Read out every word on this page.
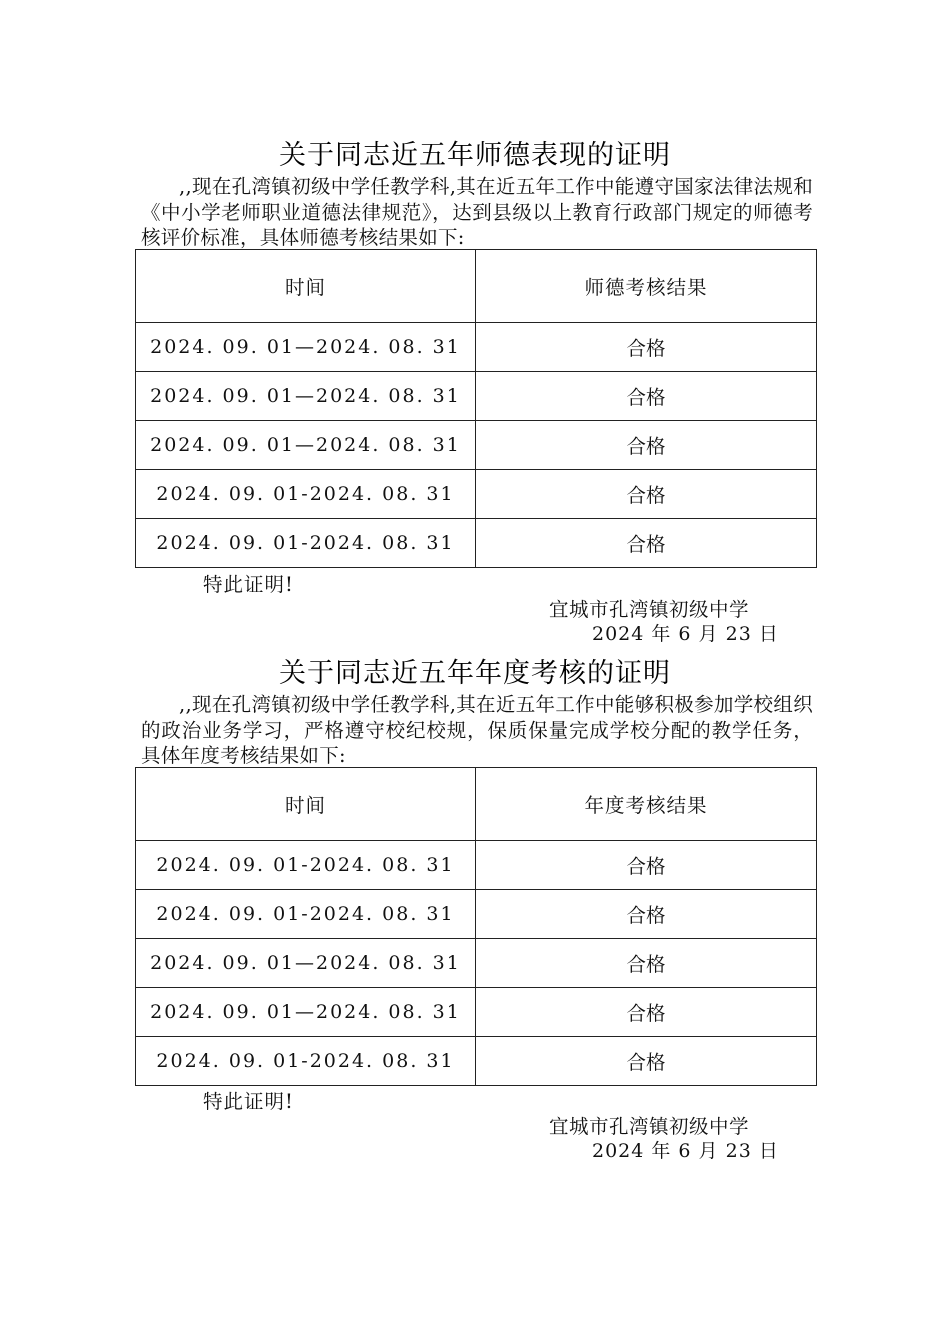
关于同志近五年师德表现的证明
,,现在孔湾镇初级中学任教学科,其在近五年工作中能遵守国家法律法规和《中小学老师职业道德法律规范》，达到县级以上教育行政部门规定的师德考核评价标准，具体师德考核结果如下:
时间	师德考核结果
2024. 09. 01—2024. 08. 31	合格
2024. 09. 01—2024. 08. 31	合格
2024. 09. 01—2024. 08. 31	合格
2024. 09. 01-2024. 08. 31	合格
2024. 09. 01-2024. 08. 31	合格
特此证明!
宜城市孔湾镇初级中学
2024 年 6 月 23 日
关于同志近五年年度考核的证明
,,现在孔湾镇初级中学任教学科,其在近五年工作中能够积极参加学校组织的政治业务学习，严格遵守校纪校规，保质保量完成学校分配的教学任务，具体年度考核结果如下:
时间	年度考核结果
2024. 09. 01-2024. 08. 31	合格
2024. 09. 01-2024. 08. 31	合格
2024. 09. 01—2024. 08. 31	合格
2024. 09. 01—2024. 08. 31	合格
2024. 09. 01-2024. 08. 31	合格
特此证明!
宜城市孔湾镇初级中学
2024 年 6 月 23 日
